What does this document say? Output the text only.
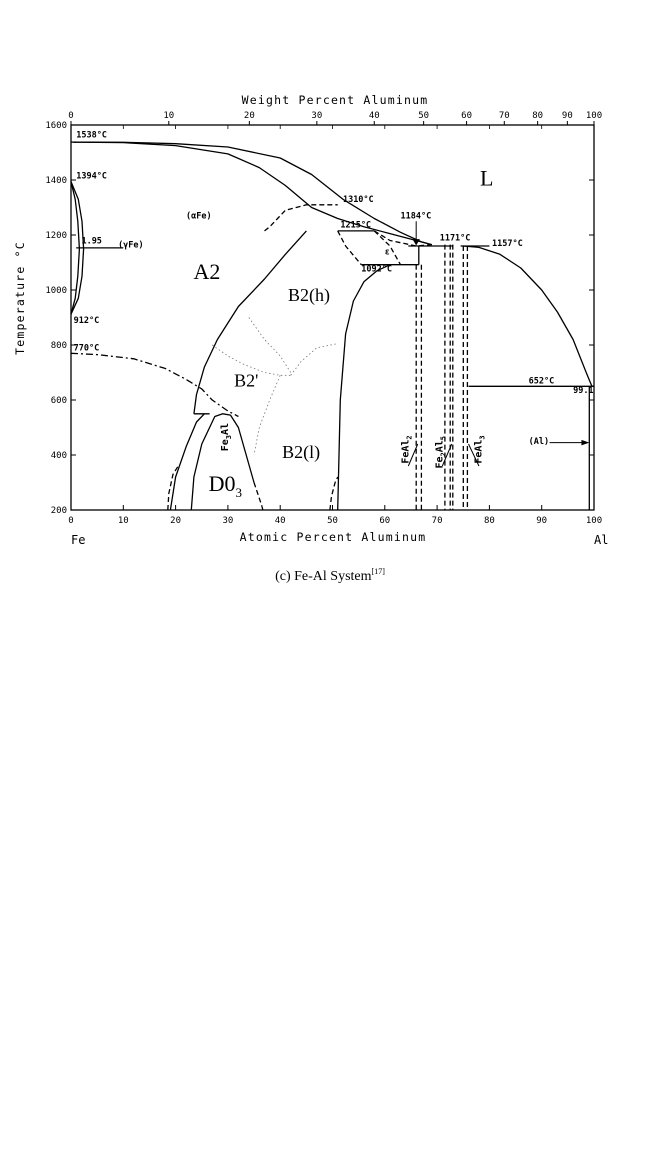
0	10	20	30	40	50	60	70	80	90	100
0	10	20	30	40	50	60	70	80 90 100
200
400
600
800
1000
1200
1400
1600
1538°C
1394°C
1.95 (γFe)
912°C
770°C
(αFe)
1310°C
1215°C
1184°C
1171°C
1157°C
ε
1092°C
652°C
99.1
(Al)
L
A2
B2(h)
B2'
B2(l)
$D0_3$
$Fe_3Al$
FeAl$_2$
$Fe_2Al_5$
FeAl$_3$
Weight Percent Aluminum
Atomic Percent Aluminum
Temperature °C
Fe	Al
(c) Fe-Al System[17]
